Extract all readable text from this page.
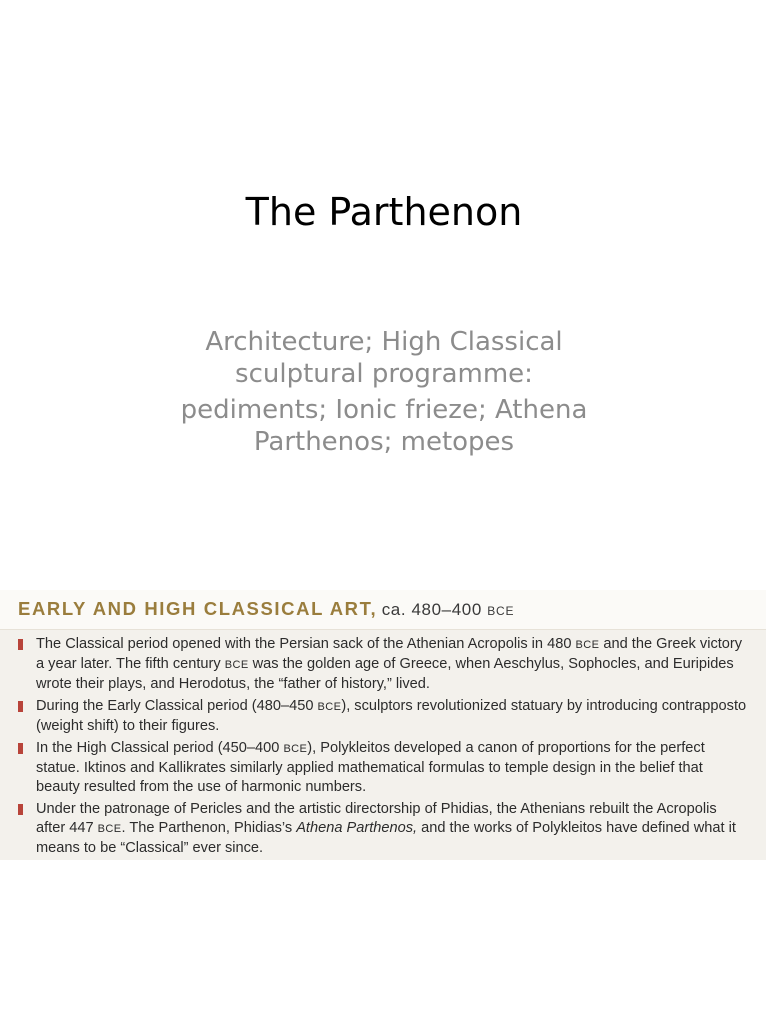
The Parthenon

Architecture; High Classical sculptural programme:

pediments; Ionic frieze; Athena Parthenos; metopes

EARLY AND HIGH CLASSICAL ART, ca. 480–400 BCE
The Classical period opened with the Persian sack of the Athenian Acropolis in 480 BCE and the Greek victory a year later. The fifth century BCE was the golden age of Greece, when Aeschylus, Sophocles, and Euripides wrote their plays, and Herodotus, the “father of history,” lived.
During the Early Classical period (480–450 BCE), sculptors revolutionized statuary by introducing contrapposto (weight shift) to their figures.
In the High Classical period (450–400 BCE), Polykleitos developed a canon of proportions for the perfect statue. Iktinos and Kallikrates similarly applied mathematical formulas to temple design in the belief that beauty resulted from the use of harmonic numbers.
Under the patronage of Pericles and the artistic directorship of Phidias, the Athenians rebuilt the Acropolis after 447 BCE. The Parthenon, Phidias’s Athena Parthenos, and the works of Polykleitos have defined what it means to be “Classical” ever since.
